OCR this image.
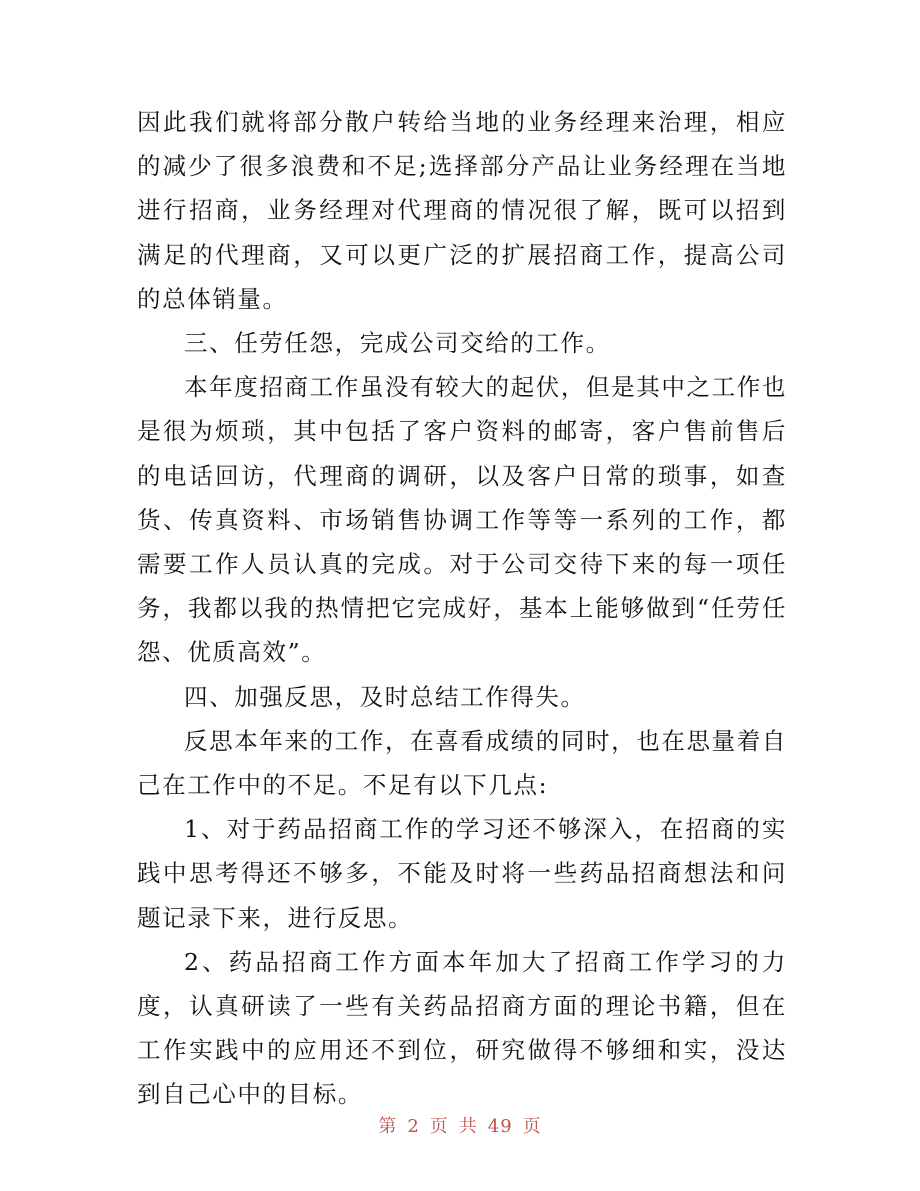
因此我们就将部分散户转给当地的业务经理来治理，相应的减少了很多浪费和不足;选择部分产品让业务经理在当地进行招商，业务经理对代理商的情况很了解，既可以招到满足的代理商，又可以更广泛的扩展招商工作，提高公司的总体销量。

三、任劳任怨，完成公司交给的工作。

本年度招商工作虽没有较大的起伏，但是其中之工作也是很为烦琐，其中包括了客户资料的邮寄，客户售前售后的电话回访，代理商的调研，以及客户日常的琐事，如查货、传真资料、市场销售协调工作等等一系列的工作，都需要工作人员认真的完成。对于公司交待下来的每一项任务，我都以我的热情把它完成好，基本上能够做到“任劳任怨、优质高效”。

四、加强反思，及时总结工作得失。

反思本年来的工作，在喜看成绩的同时，也在思量着自己在工作中的不足。不足有以下几点:

1、对于药品招商工作的学习还不够深入，在招商的实践中思考得还不够多，不能及时将一些药品招商想法和问题记录下来，进行反思。

2、药品招商工作方面本年加大了招商工作学习的力度，认真研读了一些有关药品招商方面的理论书籍，但在工作实践中的应用还不到位，研究做得不够细和实，没达到自己心中的目标。

第 2 页 共 49 页
